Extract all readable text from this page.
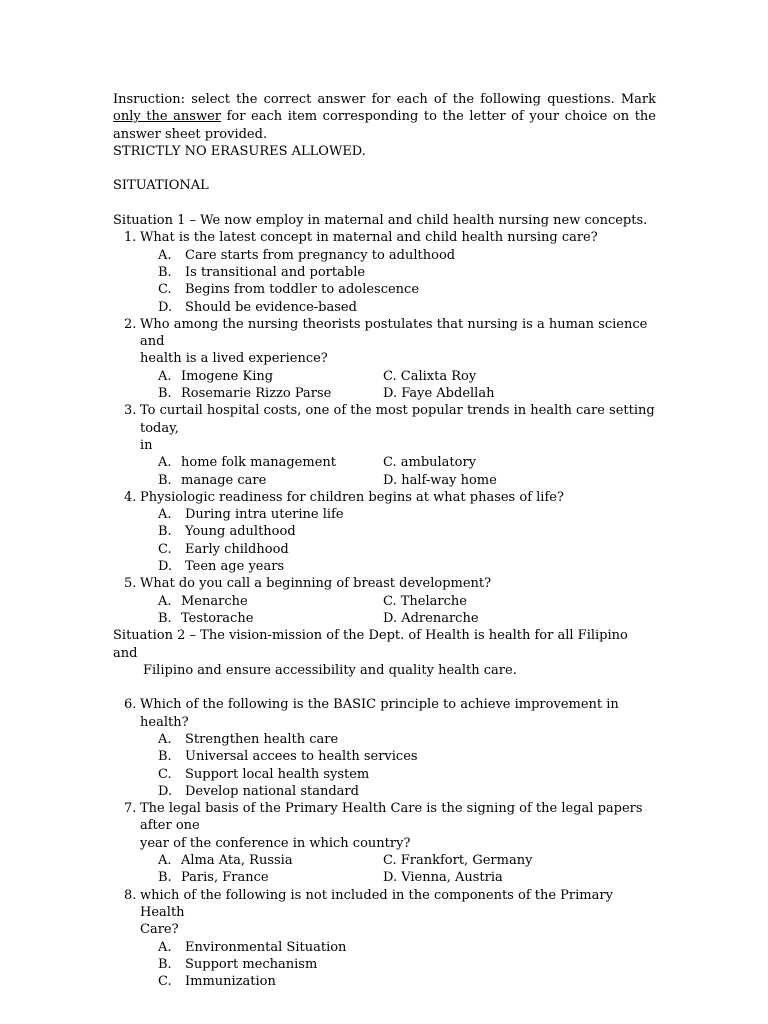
Insruction: select the correct answer for each of the following questions. Mark only the answer for each item corresponding to the letter of your choice on the answer sheet provided.

STRICTLY NO ERASURES ALLOWED.
SITUATIONAL
Situation 1 – We now employ in maternal and child health nursing new concepts.
1. What is the latest concept in maternal and child health nursing care?
A. Care starts from pregnancy to adulthood
B. Is transitional and portable
C. Begins from toddler to adolescence
D. Should be evidence-based
2. Who among the nursing theorists postulates that nursing is a human science and
health is a lived experience?
A. Imogene King	C. Calixta Roy
B. Rosemarie Rizzo Parse	D. Faye Abdellah
3. To curtail hospital costs, one of the most popular trends in health care setting today,
in
A. home folk management	C. ambulatory
B. manage care	D. half-way home
4. Physiologic readiness for children begins at what phases of life?
A. During intra uterine life
B. Young adulthood
C. Early childhood
D. Teen age years
5. What do you call a beginning of breast development?
A. Menarche	C. Thelarche
B. Testorache	D. Adrenarche
Situation 2 – The vision-mission of the Dept. of Health is health for all Filipino and
Filipino and ensure accessibility and quality health care.
6. Which of the following is the BASIC principle to achieve improvement in health?
A. Strengthen health care
B. Universal accees to health services
C. Support local health system
D. Develop national standard
7. The legal basis of the Primary Health Care is the signing of the legal papers after one
year of the conference in which country?
A. Alma Ata, Russia	C. Frankfort, Germany
B. Paris, France	D. Vienna, Austria
8. which of the following is not included in the components of the Primary Health
Care?
A. Environmental Situation
B. Support mechanism
C. Immunization
